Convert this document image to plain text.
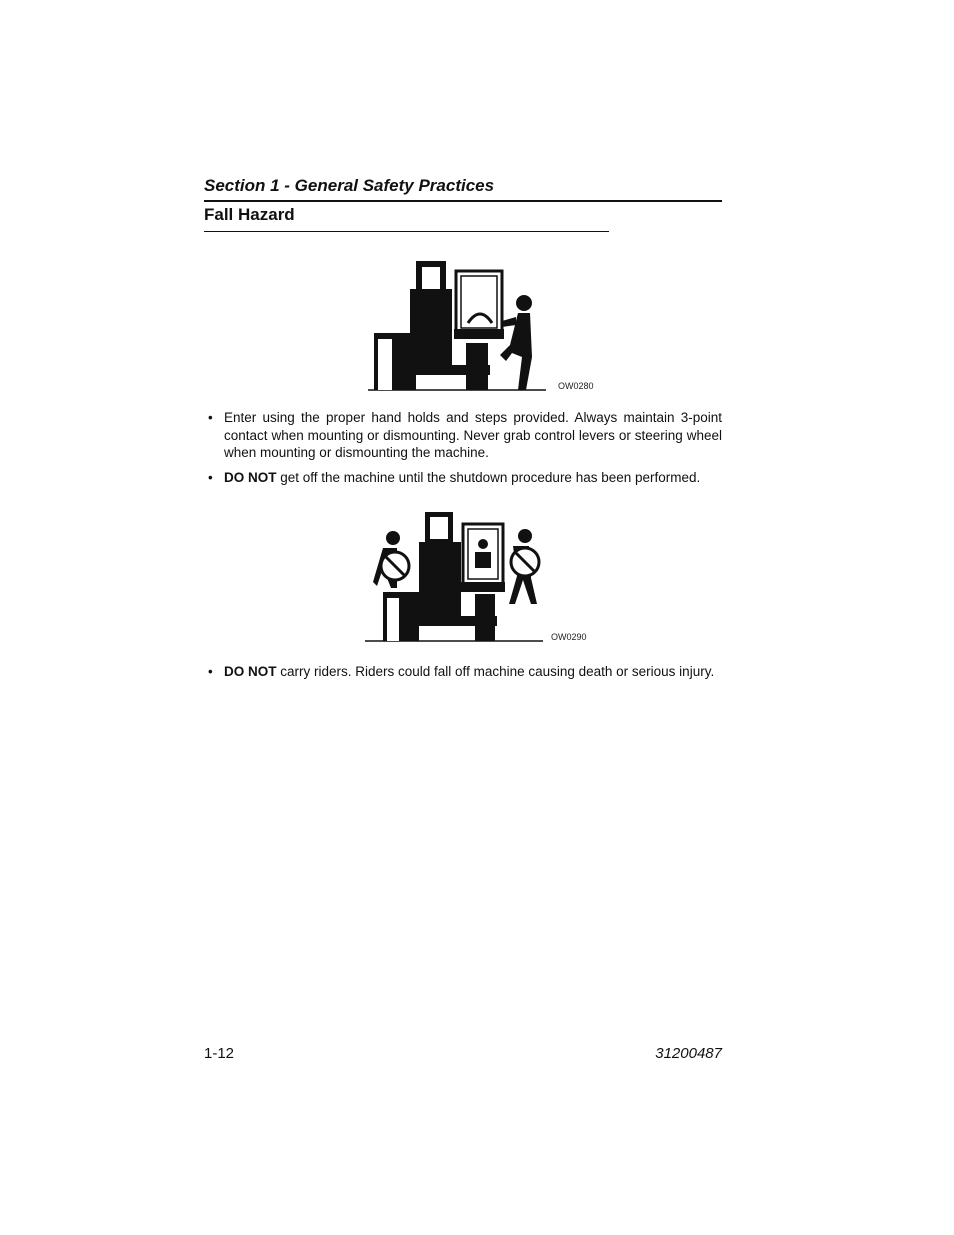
Section 1 - General Safety Practices
Fall Hazard
OW0280
• Enter using the proper hand holds and steps provided. Always maintain 3-point contact when mounting or dismounting. Never grab control levers or steering wheel when mounting or dismounting the machine.
• DO NOT get off the machine until the shutdown procedure has been performed.
OW0290
• DO NOT carry riders. Riders could fall off machine causing death or serious injury.
1-12	31200487
